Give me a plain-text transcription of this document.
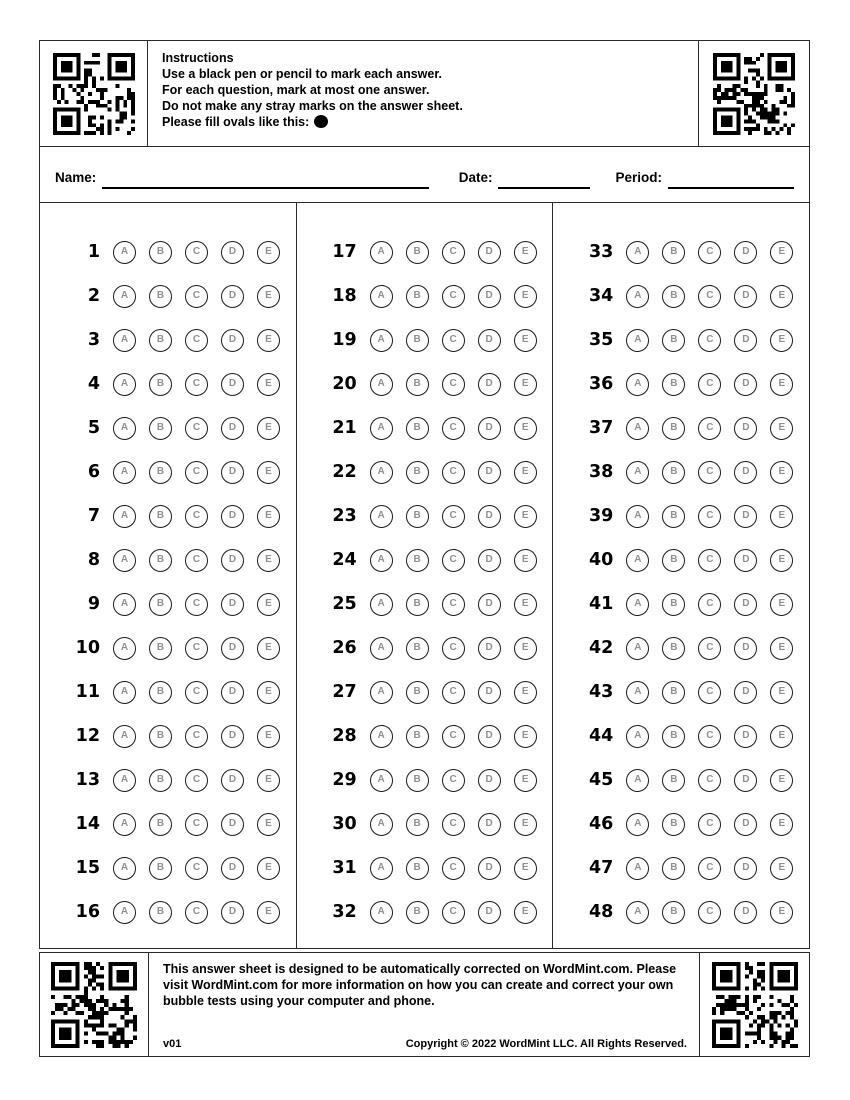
Instructions
Use a black pen or pencil to mark each answer.
For each question, mark at most one answer.
Do not make any stray marks on the answer sheet.
Please fill ovals like this:
Name:	Date:	Period:
1 A	B	C	D	E
2 A	B	C	D	E
3 A	B	C	D	E
4 A	B	C	D	E
5 A	B	C	D	E
6 A	B	C	D	E
7 A	B	C	D	E
8 A	B	C	D	E
9 A	B	C	D	E
10 A	B	C	D	E
11 A	B	C	D	E
12 A	B	C	D	E
13 A	B	C	D	E
14 A	B	C	D	E
15 A	B	C	D	E
16 A	B	C	D	E
17 A	B	C	D	E
18 A	B	C	D	E
19 A	B	C	D	E
20 A	B	C	D	E
21 A	B	C	D	E
22 A	B	C	D	E
23 A	B	C	D	E
24 A	B	C	D	E
25 A	B	C	D	E
26 A	B	C	D	E
27 A	B	C	D	E
28 A	B	C	D	E
29 A	B	C	D	E
30 A	B	C	D	E
31 A	B	C	D	E
32 A	B	C	D	E
33 A	B	C	D	E
34 A	B	C	D	E
35 A	B	C	D	E
36 A	B	C	D	E
37 A	B	C	D	E
38 A	B	C	D	E
39 A	B	C	D	E
40 A	B	C	D	E
41 A	B	C	D	E
42 A	B	C	D	E
43 A	B	C	D	E
44 A	B	C	D	E
45 A	B	C	D	E
46 A	B	C	D	E
47 A	B	C	D	E
48 A	B	C	D	E
This answer sheet is designed to be automatically corrected on WordMint.com. Please visit WordMint.com for more information on how you can create and correct your own bubble tests using your computer and phone.
v01	Copyright © 2022 WordMint LLC. All Rights Reserved.
